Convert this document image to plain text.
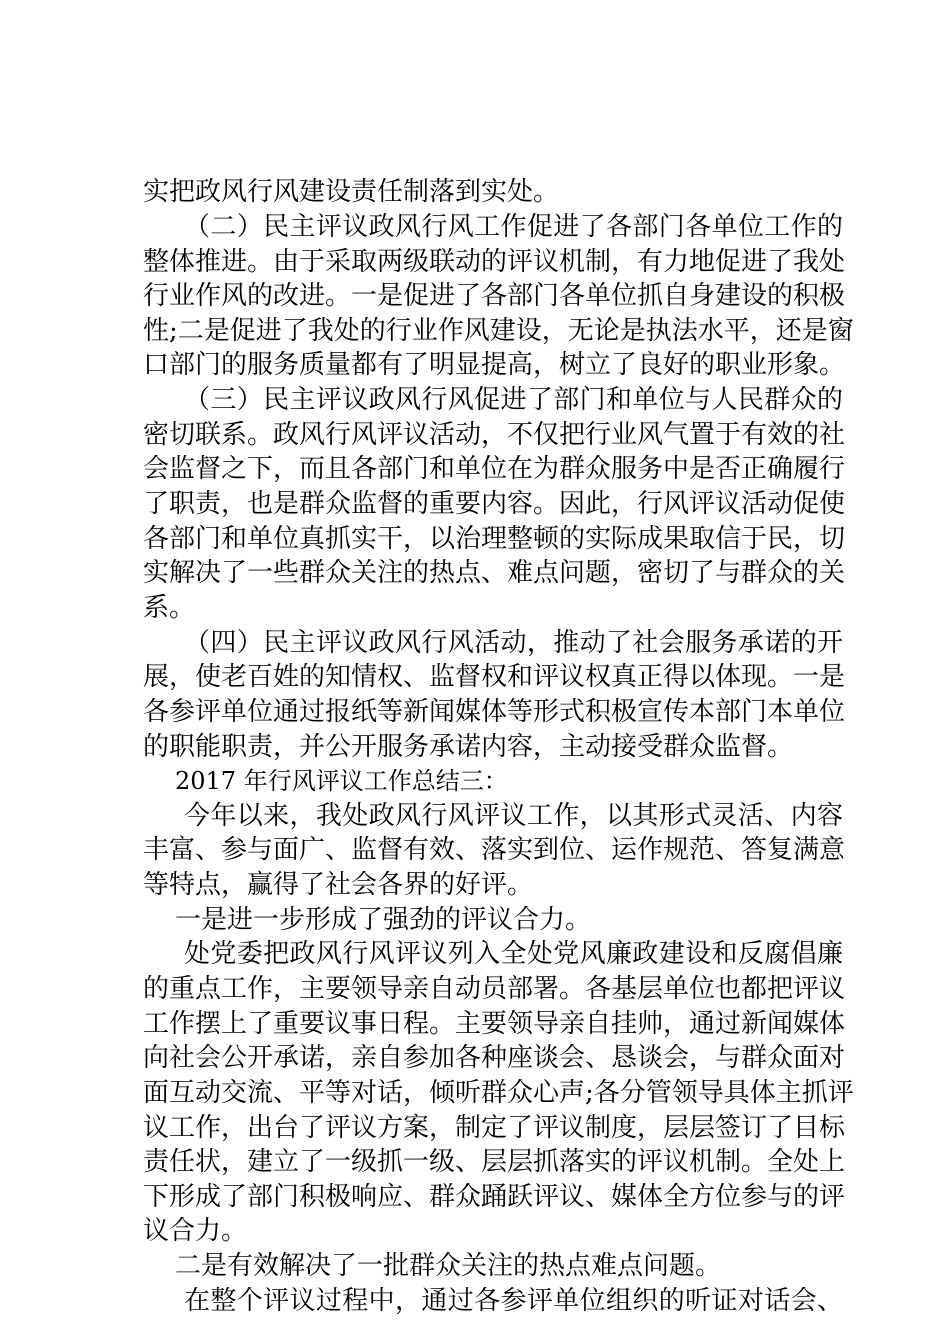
实把政风行风建设责任制落到实处。
（二）民主评议政风行风工作促进了各部门各单位工作的
整体推进。由于采取两级联动的评议机制，有力地促进了我处
行业作风的改进。一是促进了各部门各单位抓自身建设的积极
性;二是促进了我处的行业作风建设，无论是执法水平，还是窗
口部门的服务质量都有了明显提高，树立了良好的职业形象。
（三）民主评议政风行风促进了部门和单位与人民群众的
密切联系。政风行风评议活动，不仅把行业风气置于有效的社
会监督之下，而且各部门和单位在为群众服务中是否正确履行
了职责，也是群众监督的重要内容。因此，行风评议活动促使
各部门和单位真抓实干，以治理整顿的实际成果取信于民，切
实解决了一些群众关注的热点、难点问题，密切了与群众的关
系。
（四）民主评议政风行风活动，推动了社会服务承诺的开
展，使老百姓的知情权、监督权和评议权真正得以体现。一是
各参评单位通过报纸等新闻媒体等形式积极宣传本部门本单位
的职能职责，并公开服务承诺内容，主动接受群众监督。
2017 年行风评议工作总结三：
今年以来，我处政风行风评议工作，以其形式灵活、内容
丰富、参与面广、监督有效、落实到位、运作规范、答复满意
等特点，赢得了社会各界的好评。
一是进一步形成了强劲的评议合力。
处党委把政风行风评议列入全处党风廉政建设和反腐倡廉
的重点工作，主要领导亲自动员部署。各基层单位也都把评议
工作摆上了重要议事日程。主要领导亲自挂帅，通过新闻媒体
向社会公开承诺，亲自参加各种座谈会、恳谈会，与群众面对
面互动交流、平等对话，倾听群众心声;各分管领导具体主抓评
议工作，出台了评议方案，制定了评议制度，层层签订了目标
责任状，建立了一级抓一级、层层抓落实的评议机制。全处上
下形成了部门积极响应、群众踊跃评议、媒体全方位参与的评
议合力。
二是有效解决了一批群众关注的热点难点问题。
在整个评议过程中，通过各参评单位组织的听证对话会、
